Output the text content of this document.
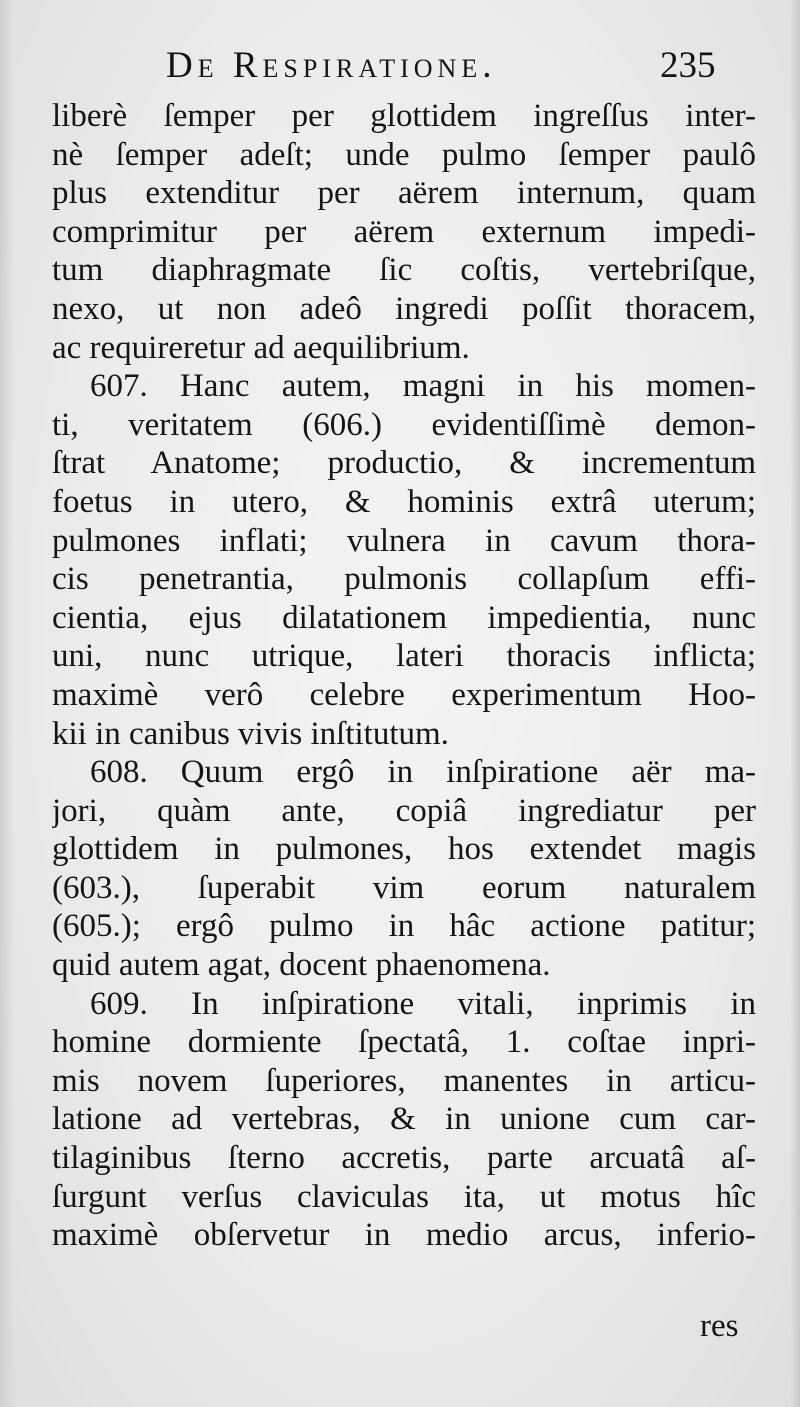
De Respiratione.	235
liberè ſemper per glottidem ingreſſus inter-
nè ſemper adeſt; unde pulmo ſemper paulô
plus extenditur per aërem internum, quam
comprimitur per aërem externum impedi-
tum diaphragmate ſic coſtis, vertebriſque,
nexo, ut non adeô ingredi poſſit thoracem,
ac requireretur ad aequilibrium.
607. Hanc autem, magni in his momen-
ti, veritatem (606.) evidentiſſimè demon-
ſtrat Anatome; productio, & incrementum
foetus in utero, & hominis extrâ uterum;
pulmones inflati; vulnera in cavum thora-
cis penetrantia, pulmonis collapſum effi-
cientia, ejus dilatationem impedientia, nunc
uni, nunc utrique, lateri thoracis inflicta;
maximè verô celebre experimentum Hoo-
kii in canibus vivis inſtitutum.
608. Quum ergô in inſpiratione aër ma-
jori, quàm ante, copiâ ingrediatur per
glottidem in pulmones, hos extendet magis
(603.), ſuperabit vim eorum naturalem
(605.); ergô pulmo in hâc actione patitur;
quid autem agat, docent phaenomena.
609. In inſpiratione vitali, inprimis in
homine dormiente ſpectatâ, 1. coſtae inpri-
mis novem ſuperiores, manentes in articu-
latione ad vertebras, & in unione cum car-
tilaginibus ſterno accretis, parte arcuatâ aſ-
ſurgunt verſus claviculas ita, ut motus hîc
maximè obſervetur in medio arcus, inferio-
res
